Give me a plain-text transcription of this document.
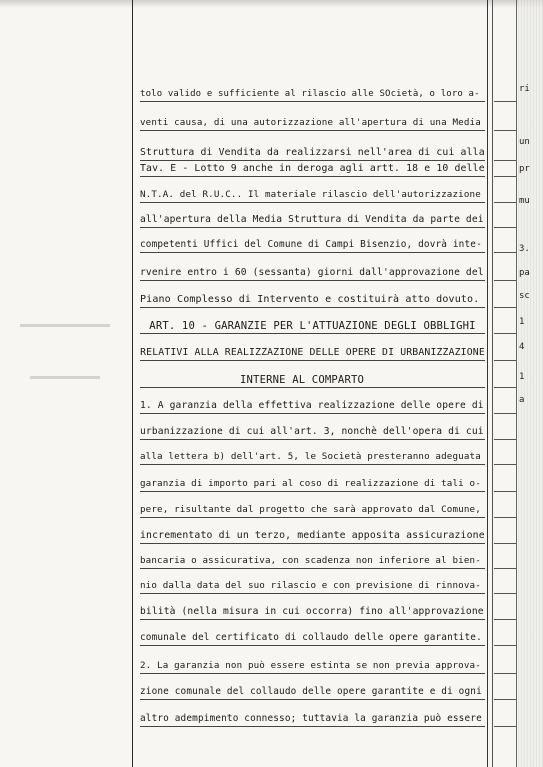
tolo valido e sufficiente al rilascio alle SOcietà, o loro a-
venti causa, di una autorizzazione all'apertura di una Media
Struttura di Vendita da realizzarsi nell'area di cui alla
Tav. E - Lotto 9 anche in deroga agli artt. 18 e 10 delle
N.T.A. del R.U.C.. Il materiale rilascio dell'autorizzazione
all'apertura della Media Struttura di Vendita da parte dei
competenti Uffici del Comune di Campi Bisenzio, dovrà inte-
rvenire entro i 60 (sessanta) giorni dall'approvazione del
Piano Complesso di Intervento e costituirà atto dovuto.
ART. 10 - GARANZIE PER L'ATTUAZIONE DEGLI OBBLIGHI
RELATIVI ALLA REALIZZAZIONE DELLE OPERE DI URBANIZZAZIONE
INTERNE AL COMPARTO
1. A garanzia della effettiva realizzazione delle opere di
urbanizzazione di cui all'art. 3, nonchè dell'opera di cui
alla lettera b) dell'art. 5, le Società presteranno adeguata
garanzia di importo pari al coso di realizzazione di tali o-
pere, risultante dal progetto che sarà approvato dal Comune,
incrementato di un terzo, mediante apposita assicurazione
bancaria o assicurativa, con scadenza non inferiore al bien-
nio dalla data del suo rilascio e con previsione di rinnova-
bilità (nella misura in cui occorra) fino all'approvazione
comunale del certificato di collaudo delle opere garantite.
2. La garanzia non può essere estinta se non previa approva-
zione comunale del collaudo delle opere garantite e di ogni
altro adempimento connesso; tuttavia la garanzia può essere
ri
un
pr
mu
3.
pa
sc
1
4
1
a
